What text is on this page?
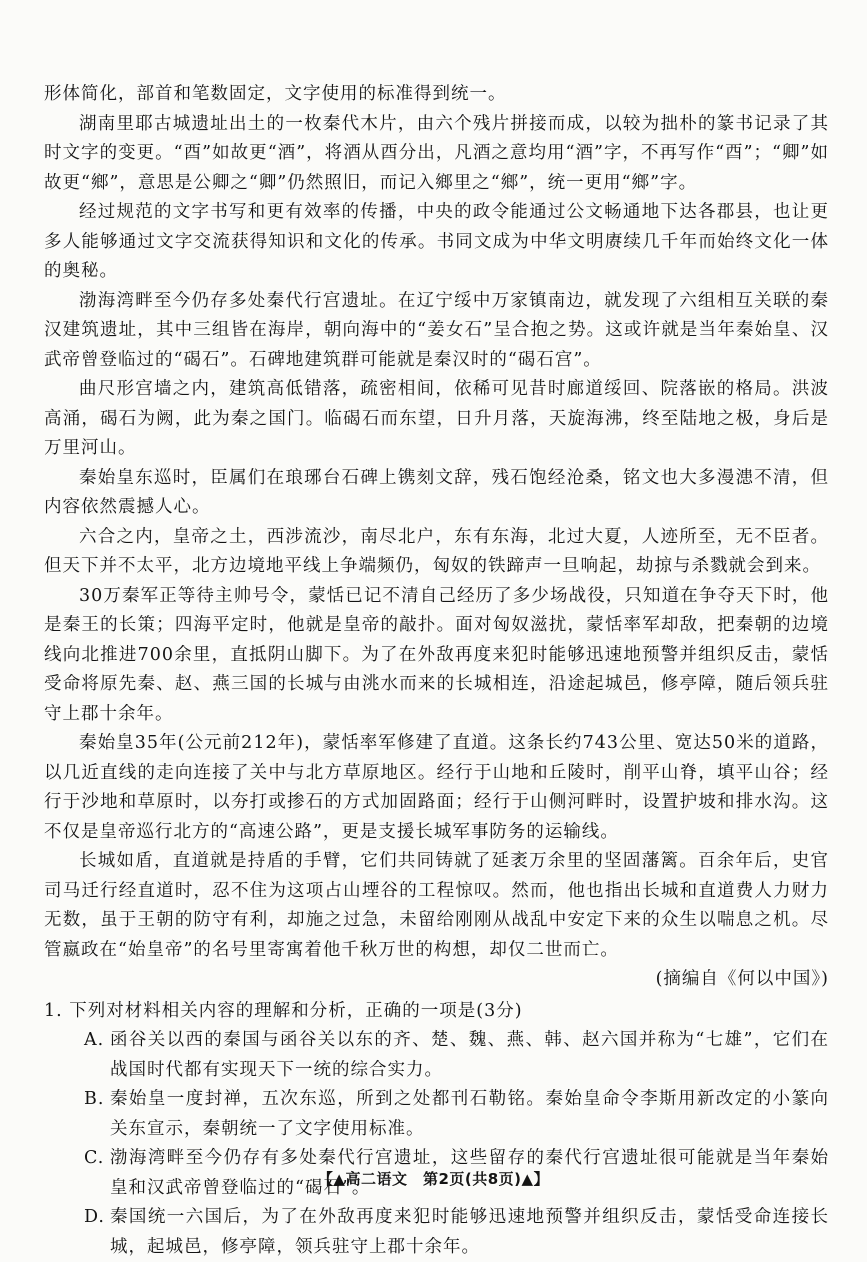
形体简化，部首和笔数固定，文字使用的标准得到统一。

湖南里耶古城遗址出土的一枚秦代木片，由六个残片拼接而成，以较为拙朴的篆书记录了其时文字的变更。“酉”如故更“酒”，将酒从酉分出，凡酒之意均用“酒”字，不再写作“酉”；“卿”如故更“鄉”，意思是公卿之“卿”仍然照旧，而记入鄉里之“鄉”，统一更用“鄉”字。

经过规范的文字书写和更有效率的传播，中央的政令能通过公文畅通地下达各郡县，也让更多人能够通过文字交流获得知识和文化的传承。书同文成为中华文明赓续几千年而始终文化一体的奥秘。

渤海湾畔至今仍存多处秦代行宫遗址。在辽宁绥中万家镇南边，就发现了六组相互关联的秦汉建筑遗址，其中三组皆在海岸，朝向海中的“姜女石”呈合抱之势。这或许就是当年秦始皇、汉武帝曾登临过的“碣石”。石碑地建筑群可能就是秦汉时的“碣石宫”。

曲尺形宫墙之内，建筑高低错落，疏密相间，依稀可见昔时廊道绥回、院落嵌的格局。洪波高涌，碣石为阙，此为秦之国门。临碣石而东望，日升月落，天旋海沸，终至陆地之极，身后是万里河山。

秦始皇东巡时，臣属们在琅琊台石碑上镌刻文辞，残石饱经沧桑，铭文也大多漫漶不清，但内容依然震撼人心。

六合之内，皇帝之土，西涉流沙，南尽北户，东有东海，北过大夏，人迹所至，无不臣者。但天下并不太平，北方边境地平线上争端频仍，匈奴的铁蹄声一旦响起，劫掠与杀戮就会到来。

30万秦军正等待主帅号令，蒙恬已记不清自己经历了多少场战役，只知道在争夺天下时，他是秦王的长策；四海平定时，他就是皇帝的敲扑。面对匈奴滋扰，蒙恬率军却敌，把秦朝的边境线向北推进700余里，直抵阴山脚下。为了在外敌再度来犯时能够迅速地预警并组织反击，蒙恬受命将原先秦、赵、燕三国的长城与由洮水而来的长城相连，沿途起城邑，修亭障，随后领兵驻守上郡十余年。

秦始皇35年(公元前212年)，蒙恬率军修建了直道。这条长约743公里、宽达50米的道路，以几近直线的走向连接了关中与北方草原地区。经行于山地和丘陵时，削平山脊，填平山谷；经行于沙地和草原时，以夯打或掺石的方式加固路面；经行于山侧河畔时，设置护坡和排水沟。这不仅是皇帝巡行北方的“高速公路”，更是支援长城军事防务的运输线。

长城如盾，直道就是持盾的手臂，它们共同铸就了延袤万余里的坚固藩篱。百余年后，史官司马迁行经直道时，忍不住为这项占山堙谷的工程惊叹。然而，他也指出长城和直道费人力财力无数，虽于王朝的防守有利，却施之过急，未留给刚刚从战乱中安定下来的众生以喘息之机。尽管嬴政在“始皇帝”的名号里寄寓着他千秋万世的构想，却仅二世而亡。

(摘编自《何以中国》)

1. 下列对材料相关内容的理解和分析，正确的一项是(3分)

A. 函谷关以西的秦国与函谷关以东的齐、楚、魏、燕、韩、赵六国并称为“七雄”，它们在战国时代都有实现天下一统的综合实力。
B. 秦始皇一度封禅，五次东巡，所到之处都刊石勒铭。秦始皇命令李斯用新改定的小篆向关东宣示，秦朝统一了文字使用标准。
C. 渤海湾畔至今仍存有多处秦代行宫遗址，这些留存的秦代行宫遗址很可能就是当年秦始皇和汉武帝曾登临过的“碣石”。
D. 秦国统一六国后，为了在外敌再度来犯时能够迅速地预警并组织反击，蒙恬受命连接长城，起城邑，修亭障，领兵驻守上郡十余年。
【▲高二语文　第2页(共8页)▲】
